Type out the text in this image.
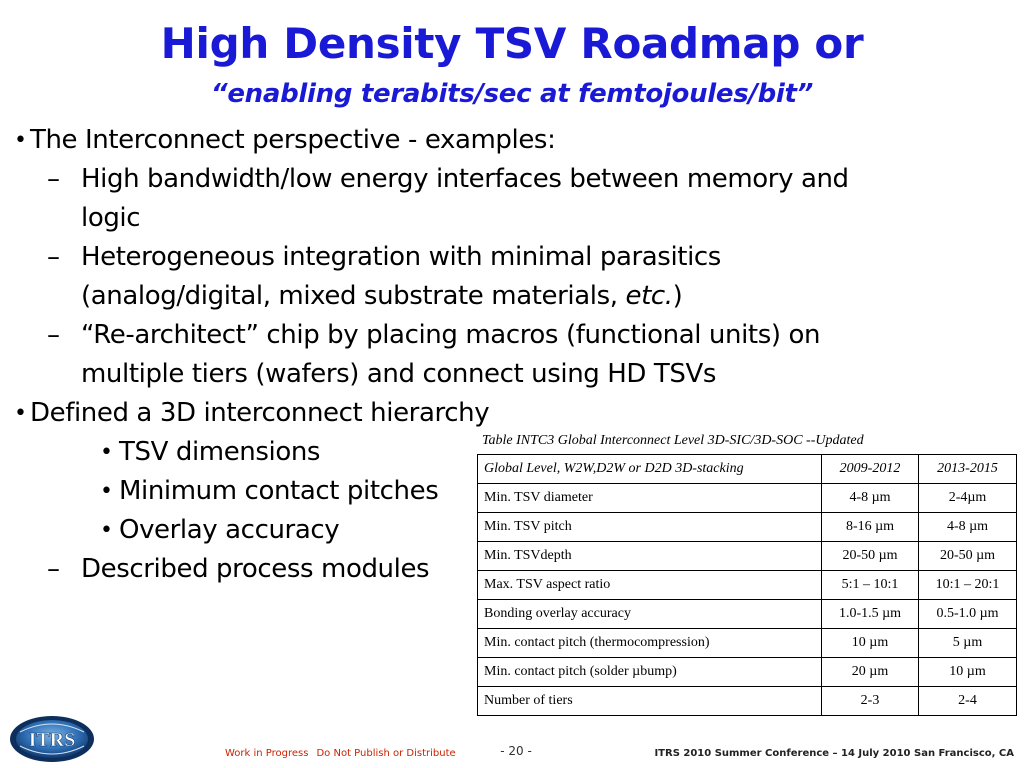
High Density TSV Roadmap or
“enabling terabits/sec at femtojoules/bit”
• The Interconnect perspective - examples:
– High bandwidth/low energy interfaces between memory and
logic
– Heterogeneous integration with minimal parasitics
(analog/digital, mixed substrate materials, etc.)
– “Re-architect” chip by placing macros (functional units) on
multiple tiers (wafers) and connect using HD TSVs
• Defined a 3D interconnect hierarchy
• TSV dimensions
• Minimum contact pitches
• Overlay accuracy
– Described process modules
Table INTC3 Global Interconnect Level 3D-SIC/3D-SOC --Updated
Global Level, W2W,D2W or D2D 3D-stacking	2009-2012	2013-2015
Min. TSV diameter	4-8 µm	2-4µm
Min. TSV pitch	8-16 µm	4-8 µm
Min. TSVdepth	20-50 µm	20-50 µm
Max. TSV aspect ratio	5:1 – 10:1	10:1 – 20:1
Bonding overlay accuracy	1.0-1.5 µm	0.5-1.0 µm
Min. contact pitch (thermocompression)	10 µm	5 µm
Min. contact pitch (solder µbump)	20 µm	10 µm
Number of tiers	2-3	2-4
ITRS
Work in Progress Do Not Publish or Distribute	- 20 -	ITRS 2010 Summer Conference – 14 July 2010 San Francisco, CA
